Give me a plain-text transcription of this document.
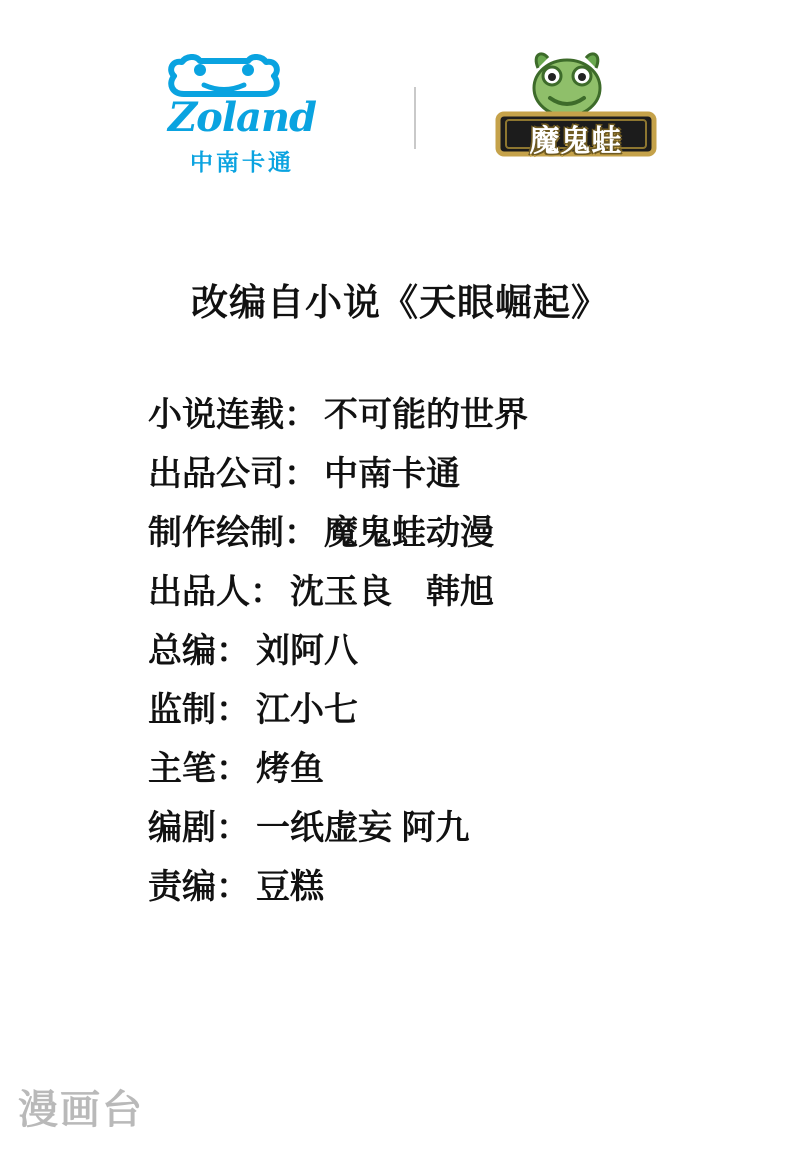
Zoland
中南卡通
魔鬼蛙
改编自小说《天眼崛起》
小说连载： 不可能的世界
出品公司： 中南卡通
制作绘制： 魔鬼蛙动漫
出品人： 沈玉良　韩旭
总编： 刘阿八
监制： 江小七
主笔： 烤鱼
编剧： 一纸虚妄 阿九
责编： 豆糕
漫画台
